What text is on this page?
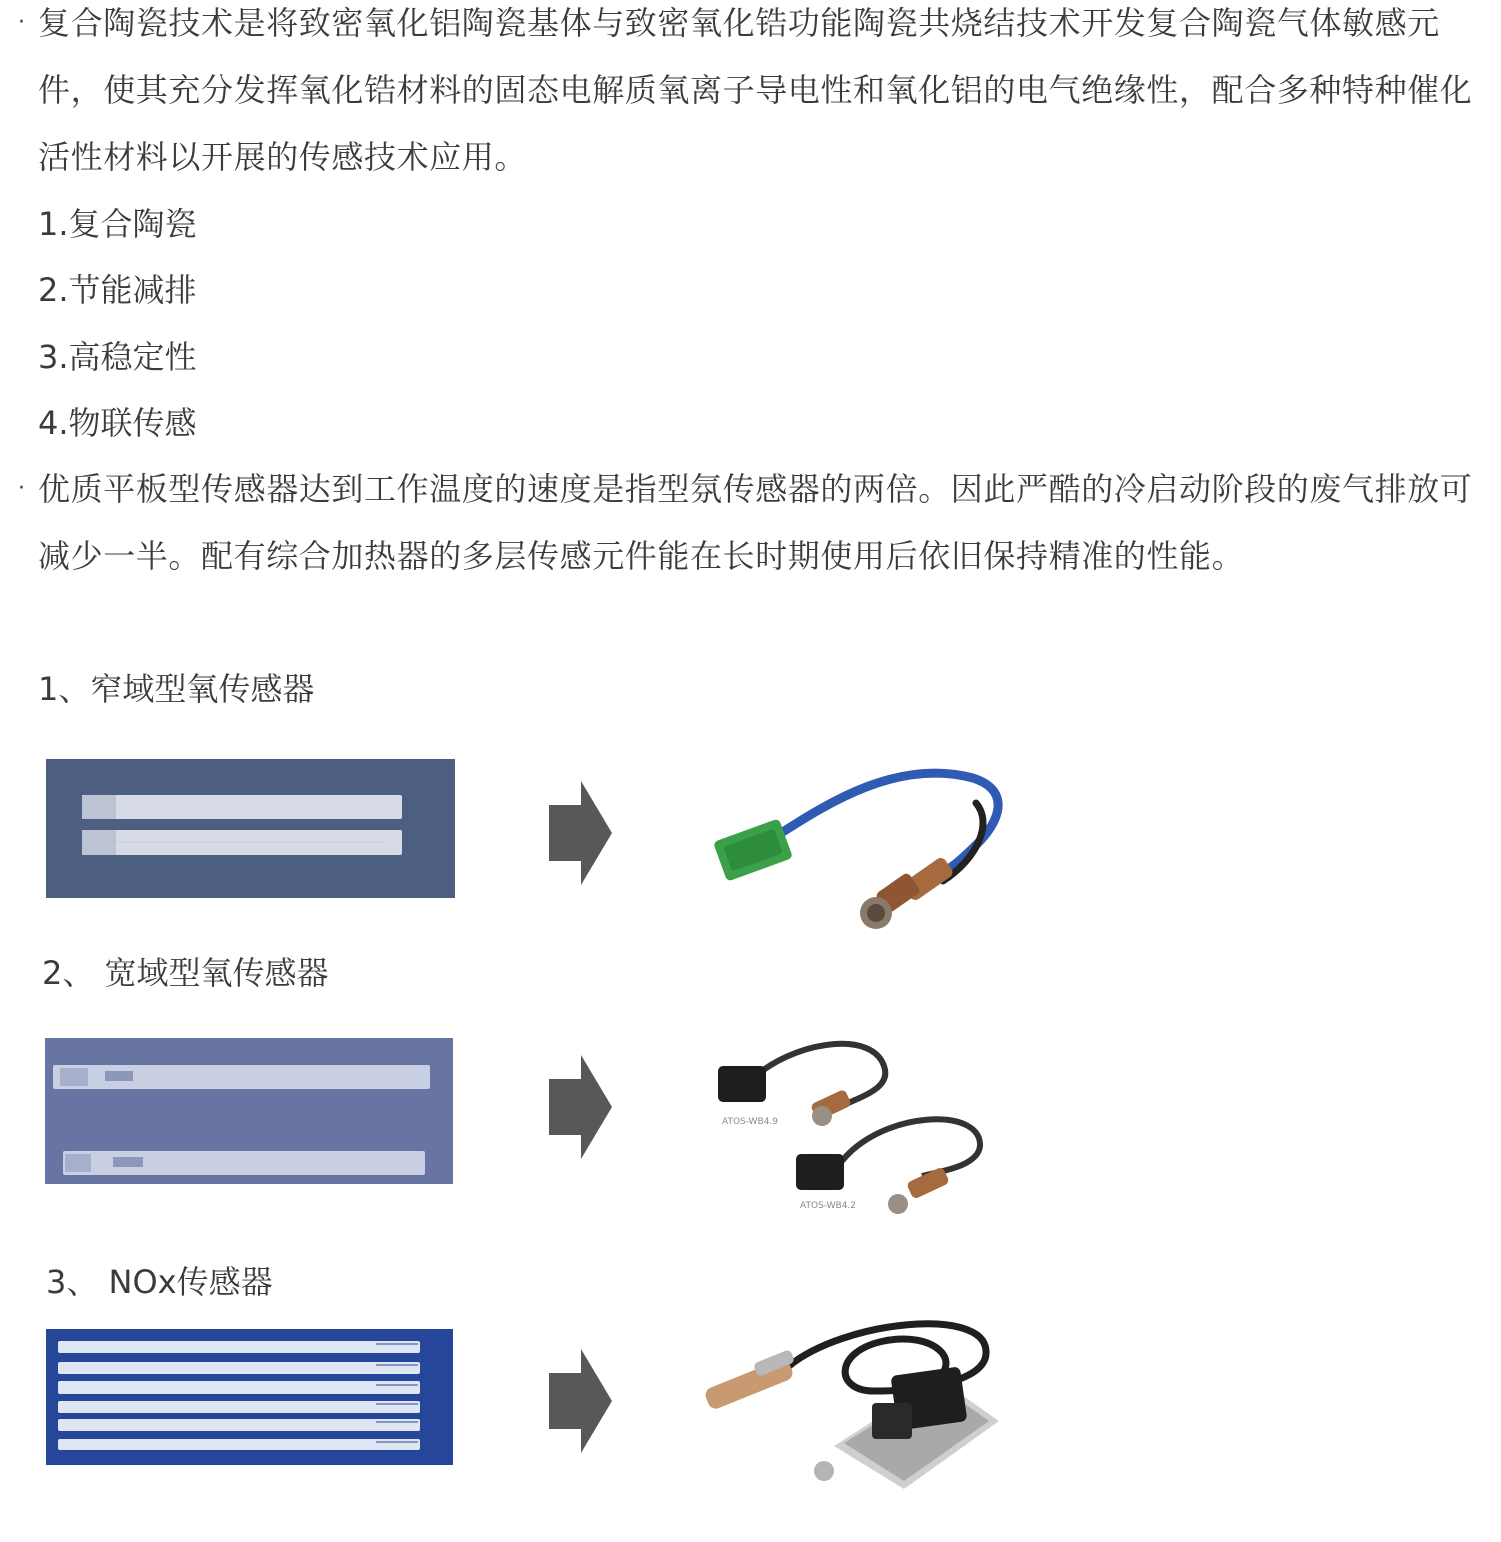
· 复合陶瓷技术是将致密氧化铝陶瓷基体与致密氧化锆功能陶瓷共烧结技术开发复合陶瓷气体敏感元件，使其充分发挥氧化锆材料的固态电解质氧离子导电性和氧化铝的电气绝缘性，配合多种特种催化活性材料以开展的传感技术应用。
1.复合陶瓷
2.节能减排
3.高稳定性
4.物联传感
· 优质平板型传感器达到工作温度的速度是指型氛传感器的两倍。因此严酷的冷启动阶段的废气排放可减少一半。配有综合加热器的多层传感元件能在长时期使用后依旧保持精准的性能。
1、窄域型氧传感器
2、 宽域型氧传感器
ATOS-WB4.9
ATOS-WB4.2
3、 NOx传感器
